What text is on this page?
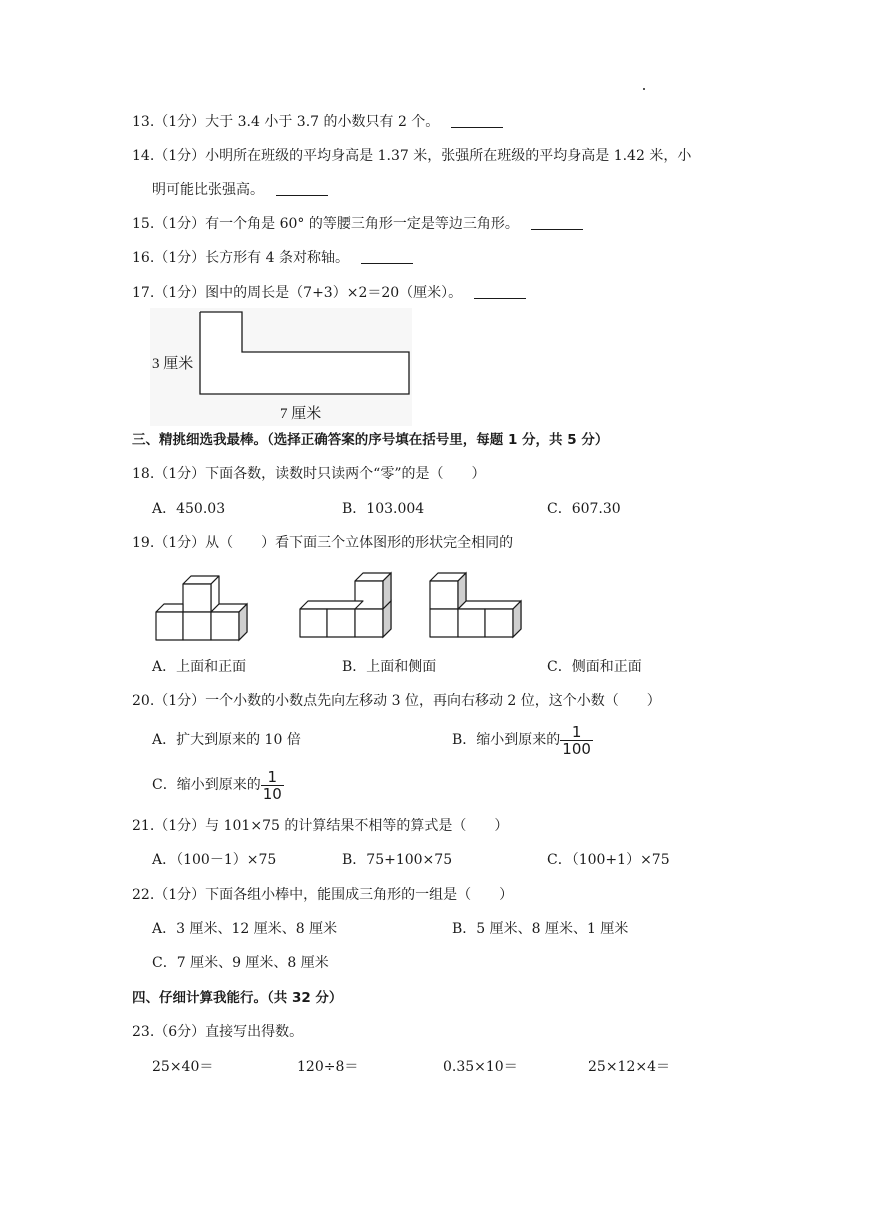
13.（1分）大于 3.4 小于 3.7 的小数只有 2 个。
14.（1分）小明所在班级的平均身高是 1.37 米，张强所在班级的平均身高是 1.42 米，小
明可能比张强高。
15.（1分）有一个角是 60° 的等腰三角形一定是等边三角形。
16.（1分）长方形有 4 条对称轴。
17.（1分）图中的周长是（7+3）×2＝20（厘米）。
3 厘米
7 厘米
三、精挑细选我最棒。（选择正确答案的序号填在括号里，每题 1 分，共 5 分）
18.（1分）下面各数，读数时只读两个“零”的是（　　）
A．450.03	B．103.004	C．607.30
19.（1分）从（　　）看下面三个立体图形的形状完全相同的
A．上面和正面	B．上面和侧面	C．侧面和正面
20.（1分）一个小数的小数点先向左移动 3 位，再向右移动 2 位，这个小数（　　）
A．扩大到原来的 10 倍	B．缩小到原来的 $\frac{1}{100}$
C．缩小到原来的 $\frac{1}{10}$
21.（1分）与 101×75 的计算结果不相等的算式是（　　）
A．（100－1）×75	B．75+100×75	C．（100+1）×75
22.（1分）下面各组小棒中，能围成三角形的一组是（　　）
A．3 厘米、12 厘米、8 厘米	B．5 厘米、8 厘米、1 厘米
C．7 厘米、9 厘米、8 厘米
四、仔细计算我能行。（共 32 分）
23.（6分）直接写出得数。
25×40＝	120÷8＝	0.35×10＝	25×12×4＝
